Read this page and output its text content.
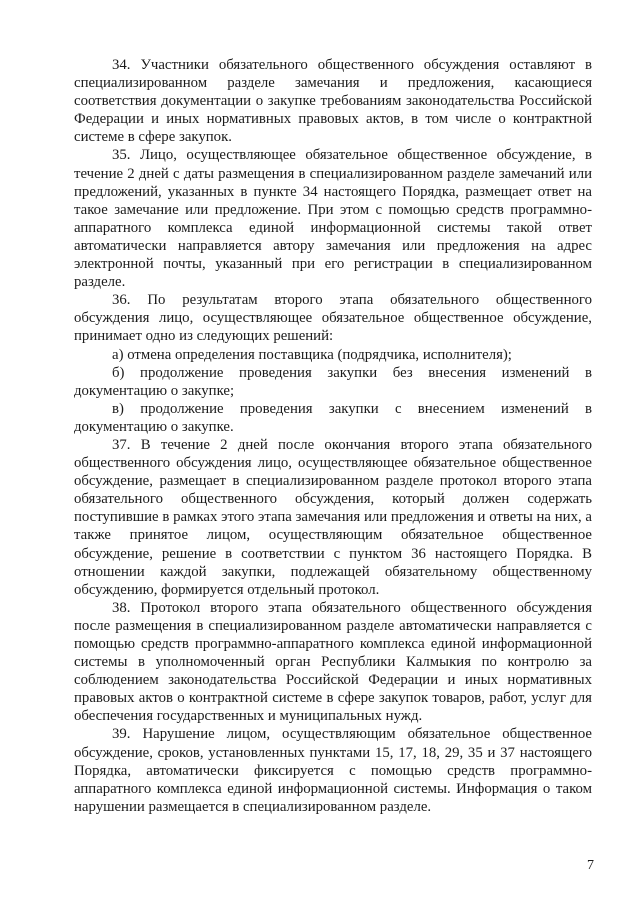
34. Участники обязательного общественного обсуждения оставляют в специализированном разделе замечания и предложения, касающиеся соответствия документации о закупке требованиям законодательства Российской Федерации и иных нормативных правовых актов, в том числе о контрактной системе в сфере закупок.

35. Лицо, осуществляющее обязательное общественное обсуждение, в течение 2 дней с даты размещения в специализированном разделе замечаний или предложений, указанных в пункте 34 настоящего Порядка, размещает ответ на такое замечание или предложение. При этом с помощью средств программно-аппаратного комплекса единой информационной системы такой ответ автоматически направляется автору замечания или предложения на адрес электронной почты, указанный при его регистрации в специализированном разделе.

36. По результатам второго этапа обязательного общественного обсуждения лицо, осуществляющее обязательное общественное обсуждение, принимает одно из следующих решений:

а) отмена определения поставщика (подрядчика, исполнителя);

б) продолжение проведения закупки без внесения изменений в документацию о закупке;

в) продолжение проведения закупки с внесением изменений в документацию о закупке.

37. В течение 2 дней после окончания второго этапа обязательного общественного обсуждения лицо, осуществляющее обязательное общественное обсуждение, размещает в специализированном разделе протокол второго этапа обязательного общественного обсуждения, который должен содержать поступившие в рамках этого этапа замечания или предложения и ответы на них, а также принятое лицом, осуществляющим обязательное общественное обсуждение, решение в соответствии с пунктом 36 настоящего Порядка. В отношении каждой закупки, подлежащей обязательному общественному обсуждению, формируется отдельный протокол.

38. Протокол второго этапа обязательного общественного обсуждения после размещения в специализированном разделе автоматически направляется с помощью средств программно-аппаратного комплекса единой информационной системы в уполномоченный орган Республики Калмыкия по контролю за соблюдением законодательства Российской Федерации и иных нормативных правовых актов о контрактной системе в сфере закупок товаров, работ, услуг для обеспечения государственных и муниципальных нужд.

39. Нарушение лицом, осуществляющим обязательное общественное обсуждение, сроков, установленных пунктами 15, 17, 18, 29, 35 и 37 настоящего Порядка, автоматически фиксируется с помощью средств программно-аппаратного комплекса единой информационной системы. Информация о таком нарушении размещается в специализированном разделе.

7
